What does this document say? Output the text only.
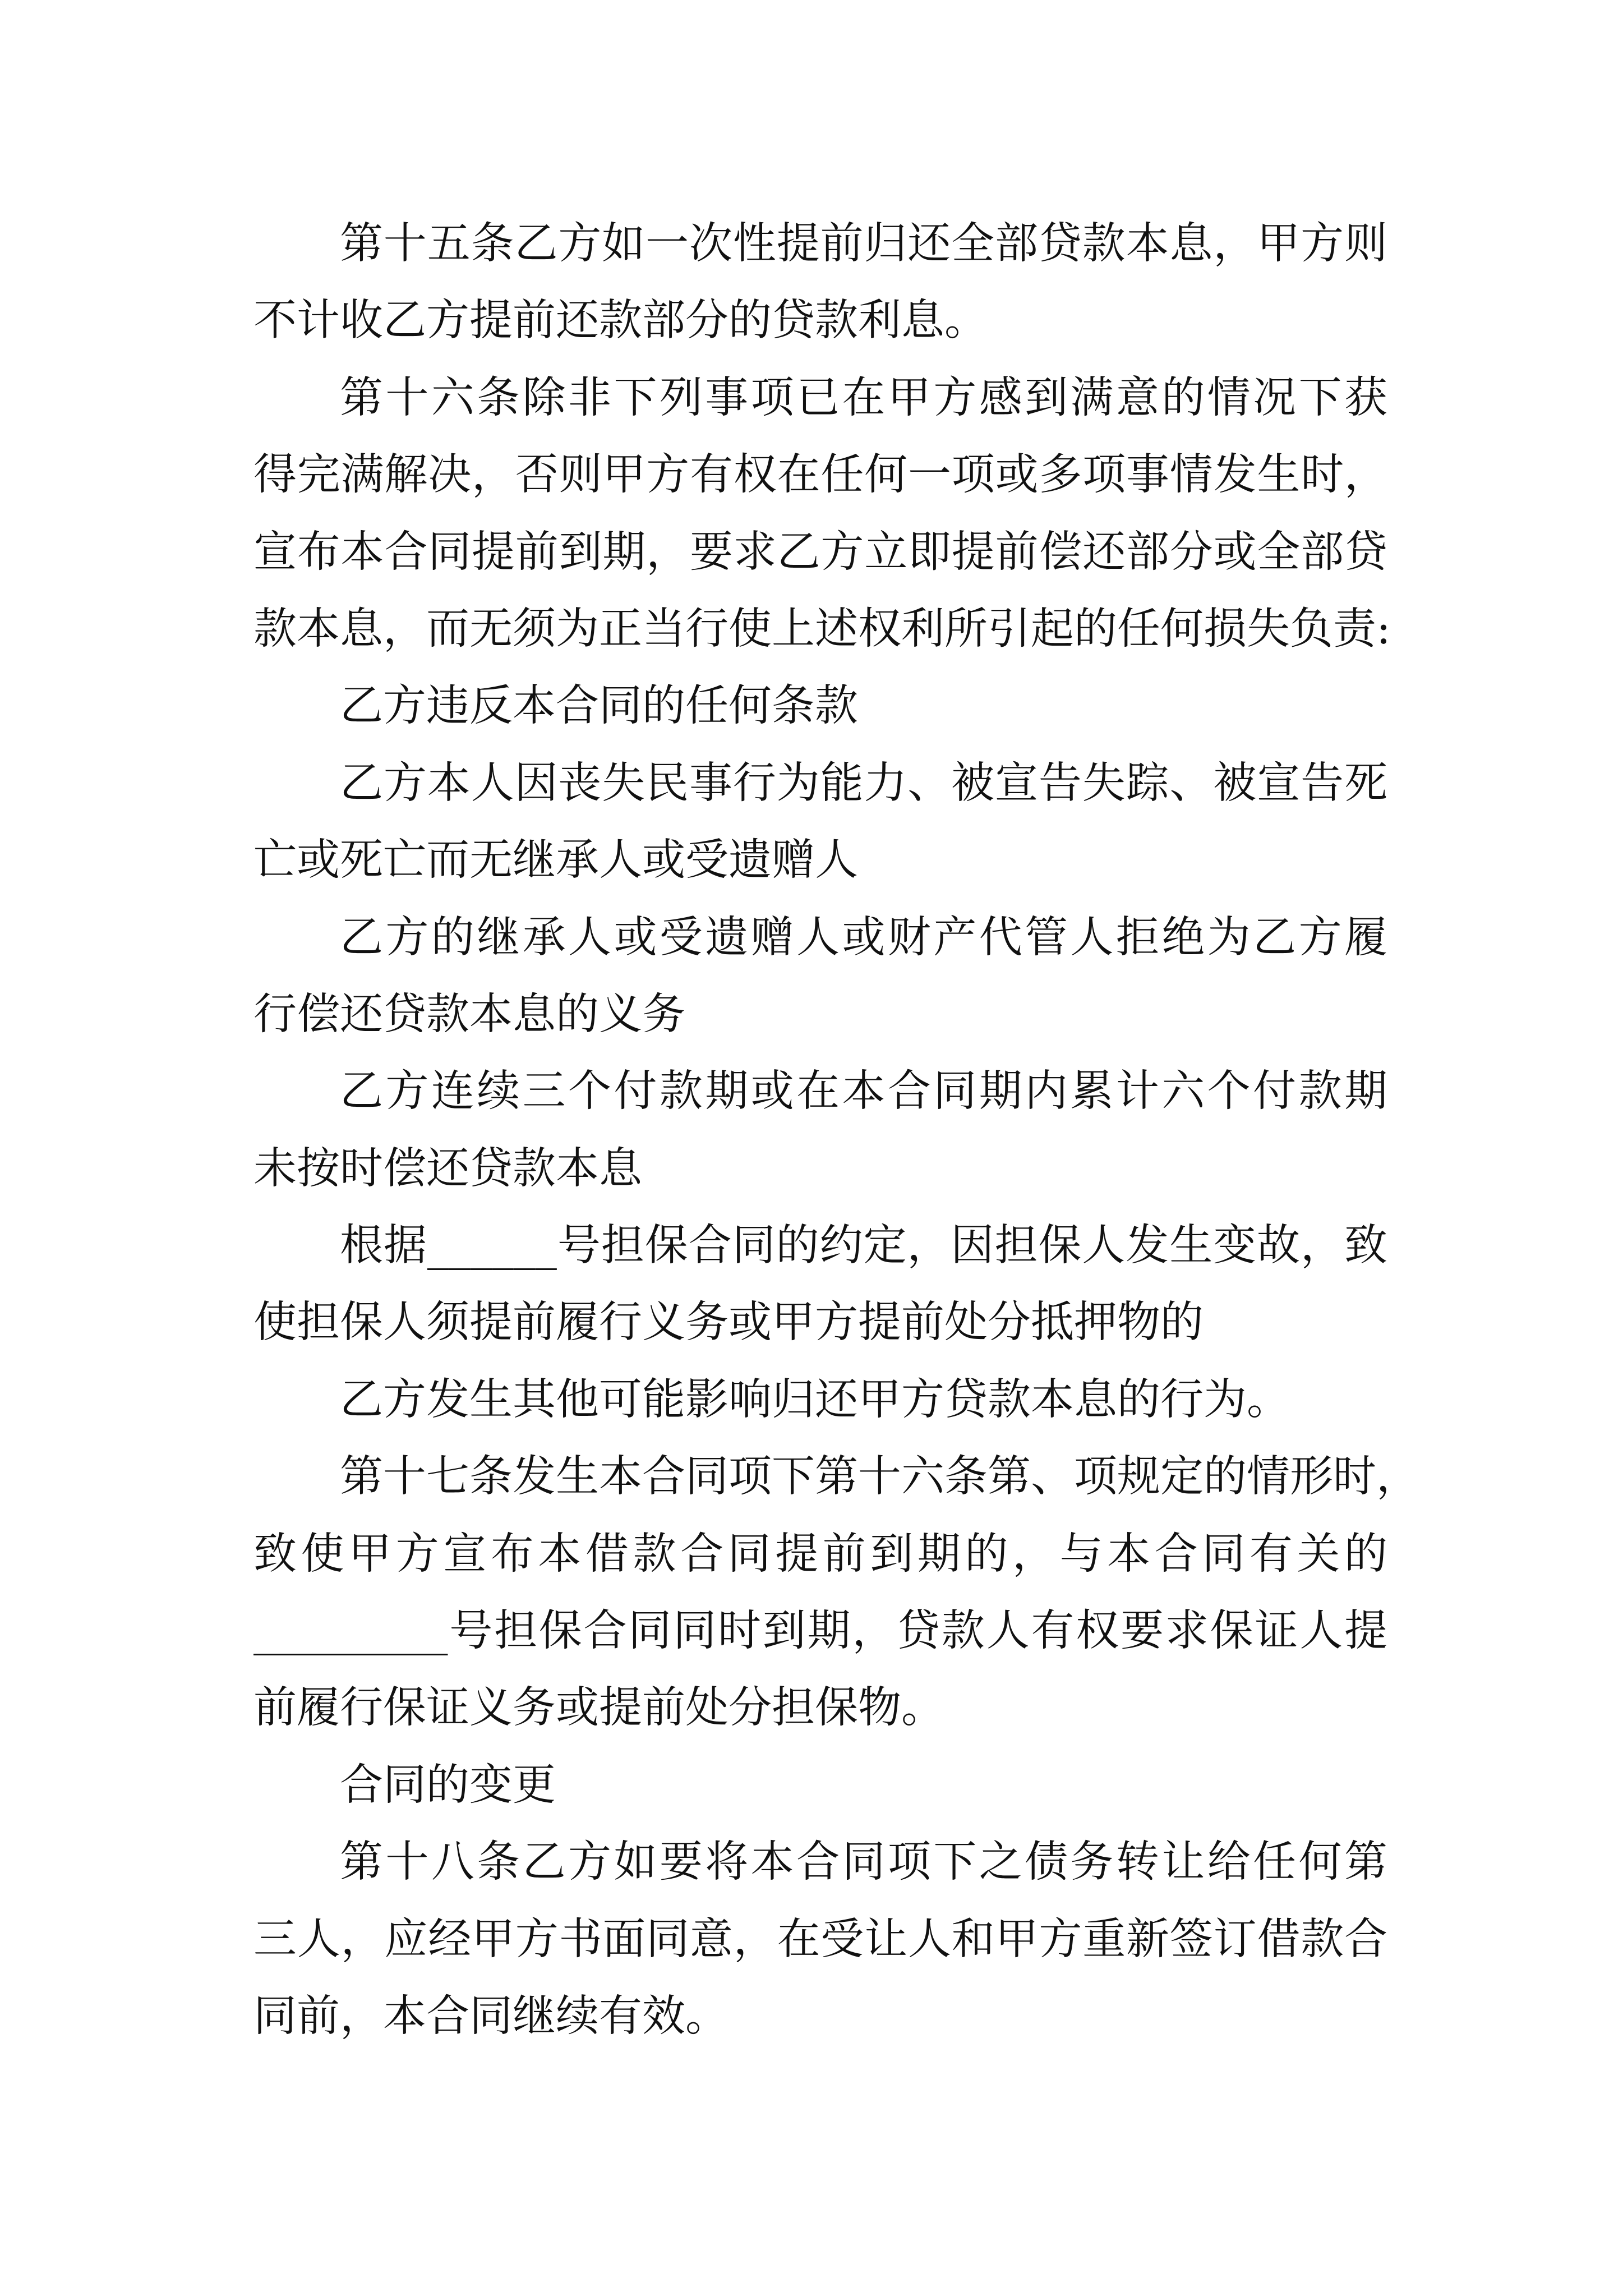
第十五条乙方如一次性提前归还全部贷款本息，甲方则
不计收乙方提前还款部分的贷款利息。
第十六条除非下列事项已在甲方感到满意的情况下获
得完满解决，否则甲方有权在任何一项或多项事情发生时，
宣布本合同提前到期，要求乙方立即提前偿还部分或全部贷
款本息，而无须为正当行使上述权利所引起的任何损失负责:
乙方违反本合同的任何条款
乙方本人因丧失民事行为能力、被宣告失踪、被宣告死
亡或死亡而无继承人或受遗赠人
乙方的继承人或受遗赠人或财产代管人拒绝为乙方履
行偿还贷款本息的义务
乙方连续三个付款期或在本合同期内累计六个付款期
未按时偿还贷款本息
根据______号担保合同的约定，因担保人发生变故，致
使担保人须提前履行义务或甲方提前处分抵押物的
乙方发生其他可能影响归还甲方贷款本息的行为。
第十七条发生本合同项下第十六条第、项规定的情形时，
致使甲方宣布本借款合同提前到期的，与本合同有关的
_________号担保合同同时到期，贷款人有权要求保证人提
前履行保证义务或提前处分担保物。
合同的变更
第十八条乙方如要将本合同项下之债务转让给任何第
三人，应经甲方书面同意，在受让人和甲方重新签订借款合
同前，本合同继续有效。
